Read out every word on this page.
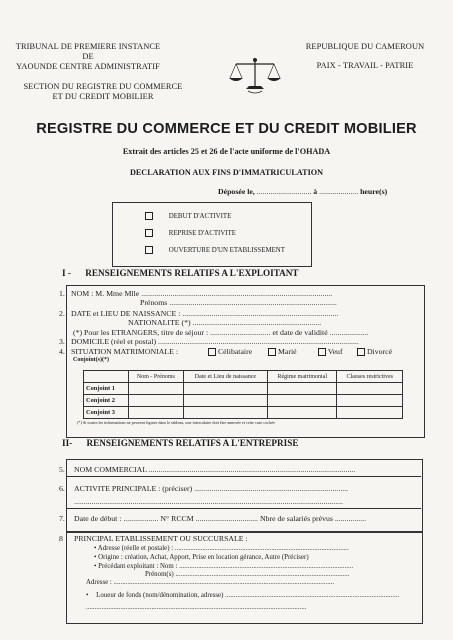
TRIBUNAL DE PREMIERE INSTANCE
DE
YAOUNDE CENTRE ADMINISTRATIF
SECTION DU REGISTRE DU COMMERCE
ET DU CREDIT MOBILIER
REPUBLIQUE DU CAMEROUN
PAIX - TRAVAIL - PATRIE
REGISTRE DU COMMERCE ET DU CREDIT MOBILIER
Extrait des articles 25 et 26 de l'acte uniforme de l'OHADA
DECLARATION AUX FINS D'IMMATRICULATION
Déposée le, ............................ à .................... heure(s)
DEBUT D'ACTIVITE
REPRISE D'ACTIVITE
OUVERTURE D'UN ETABLISSEMENT
I - RENSEIGNEMENTS RELATIFS A L'EXPLOITANT
1. NOM : M. Mme Mlle ..................................................................................................
Prénoms ......................................................................................
2. DATE et LIEU DE NAISSANCE : ................................................................................
NATIONALITE (*) ..................................................................
(*) Pour les ETRANGERS, titre de séjour : ............................... et date de validité ....................
3. DOMICILE (réel et postal) .......................................................................................................
4. SITUATION MATRIMONIALE :	Célibataire	Marié	Veuf	Divorcé
Conjoint(s)(*)
	Nom - Prénoms	Date et Lieu de naissance	Régime matrimonial	Clauses restrictives
Conjoint 1				
Conjoint 2				
Conjoint 3				
(*) Si toutes les informations ne peuvent figurer dans le tableau, une intercalaire doit être annexée et cette case cochée
II- RENSEIGNEMENTS RELATIFS A L'ENTREPRISE
5. NOM COMMERCIAL ..........................................................................................................
6. ACTIVITE PRINCIPALE : (préciser) ...............................................................................
..........................................................................................................................................
7. Date de début : .................. N° RCCM ................................ Nbre de salariés prévus ................
8 PRINCIPAL ETABLISSEMENT OU SUCCURSALE :
• Adresse (réelle et postale) : .....................................................................................................
• Origine : création, Achat, Apport, Prise en location gérance, Autre (Préciser)
• Précédant exploitant : Nom : .....................................................................................................
Prénom(s) .....................................................................................................
Adresse : ................................................................................................................................
• Loueur de fonds (nom/dénomination, adresse) .....................................................................................................
................................................................................................................................
